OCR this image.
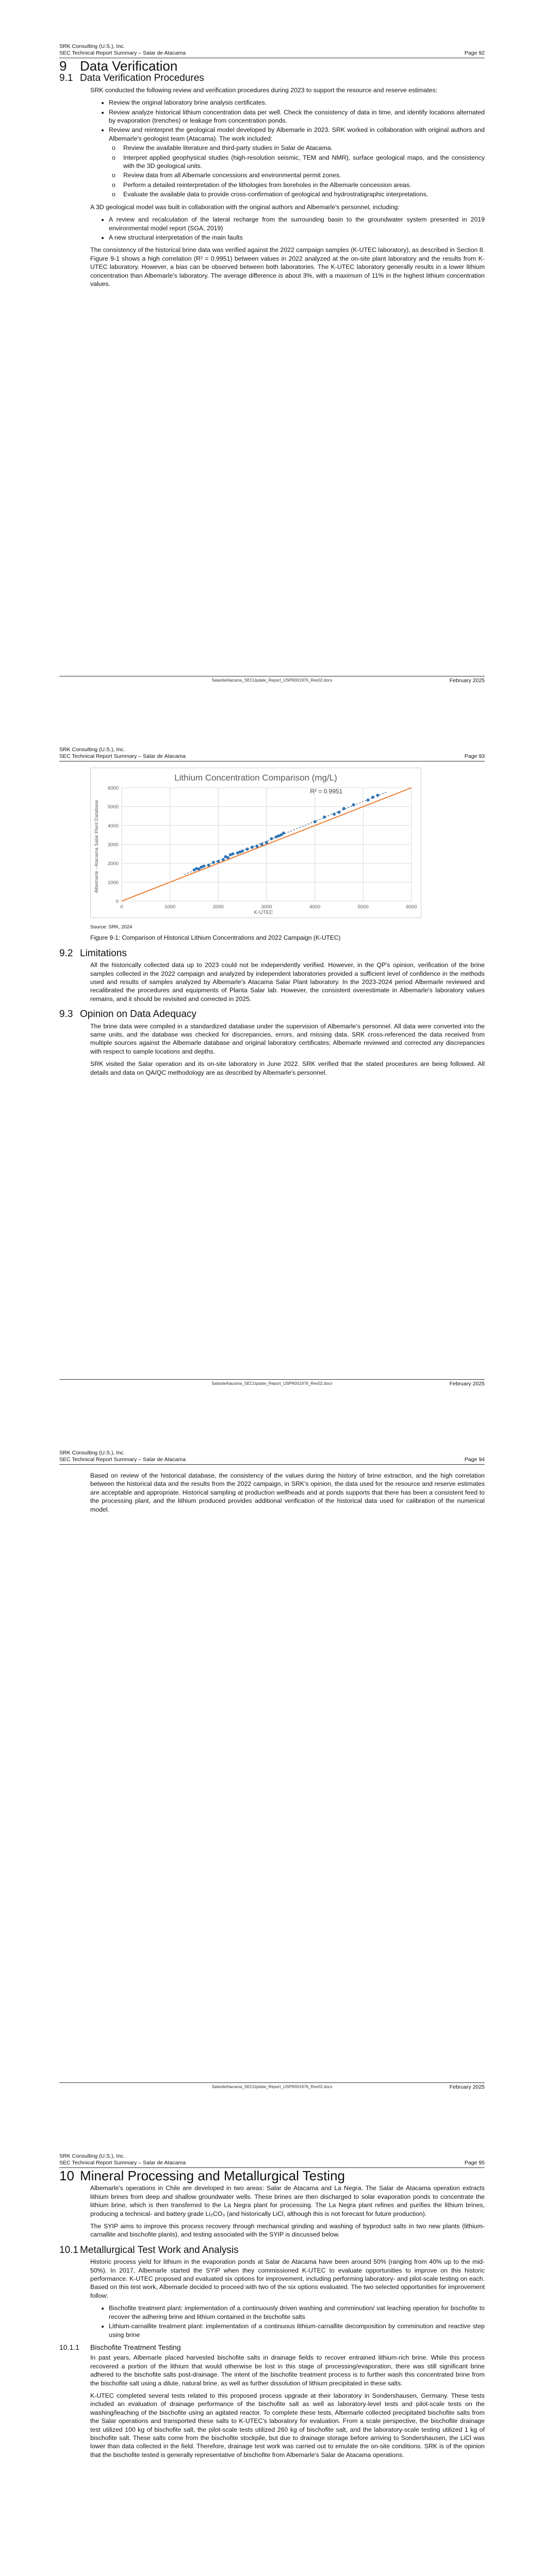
SRK Consulting (U.S.), Inc.
SEC Technical Report Summary – Salar de Atacama	Page 92
9 Data Verification
9.1 Data Verification Procedures

SRK conducted the following review and verification procedures during 2023 to support the resource and reserve estimates:

• Review the original laboratory brine analysis certificates.
• Review analyze historical lithium concentration data per well. Check the consistency of data in time, and identify locations alternated by evaporation (trenches) or leakage from concentration ponds.
• Review and reinterpret the geological model developed by Albemarle in 2023. SRK worked in collaboration with original authors and Albemarle's geologist team (Atacama). The work included:
o Review the available literature and third-party studies in Salar de Atacama.
o Interpret applied geophysical studies (high-resolution seismic, TEM and NMR), surface geological maps, and the consistency with the 3D geological units.
o Review data from all Albemarle concessions and environmental permit zones.
o Perform a detailed reinterpretation of the lithologies from boreholes in the Albemarle concession areas.
o Evaluate the available data to provide cross-confirmation of geological and hydrostratigraphic interpretations.

A 3D geological model was built in collaboration with the original authors and Albemarle's personnel, including:

• A review and recalculation of the lateral recharge from the surrounding basin to the groundwater system presented in 2019 environmental model report (SGA, 2019)
• A new structural interpretation of the main faults

The consistency of the historical brine data was verified against the 2022 campaign samples (K-UTEC laboratory), as described in Section 8. Figure 9-1 shows a high correlation (R² = 0.9951) between values in 2022 analyzed at the on-site plant laboratory and the results from K-UTEC laboratory. However, a bias can be observed between both laboratories. The K-UTEC laboratory generally results in a lower lithium concentration than Albemarle's laboratory. The average difference is about 3%, with a maximum of 11% in the highest lithium concentration values.

SalardeAtacama_SECUpdate_Report_USPR001976_Rev02.docx	February 2025
SRK Consulting (U.S.), Inc.
SEC Technical Report Summary – Salar de Atacama	Page 93
Lithium Concentration Comparison (mg/L)
K-UTEC
Albemarle - Atacama Salar Plant Database
0
1000
2000
3000
4000
5000
6000
0	1000	2000	3000	4000	5000	6000
R² = 0.9951
Source: SRK, 2024
Figure 9-1: Comparison of Historical Lithium Concentrations and 2022 Campaign (K-UTEC)
9.2 Limitations

All the historically collected data up to 2023 could not be independently verified. However, in the QP's opinion, verification of the brine samples collected in the 2022 campaign and analyzed by independent laboratories provided a sufficient level of confidence in the methods used and results of samples analyzed by Albemarle's Atacama Salar Plant laboratory. In the 2023-2024 period Albemarle reviewed and recalibrated the procedures and equipments of Planta Salar lab. However, the consistent overestimate in Albemarle's laboratory values remains, and it should be revisited and corrected in 2025.

9.3 Opinion on Data Adequacy

The brine data were compiled in a standardized database under the supervision of Albemarle's personnel. All data were converted into the same units, and the database was checked for discrepancies, errors, and missing data. SRK cross-referenced the data received from multiple sources against the Albemarle database and original laboratory certificates; Albemarle reviewed and corrected any discrepancies with respect to sample locations and depths.

SRK visited the Salar operation and its on-site laboratory in June 2022. SRK verified that the stated procedures are being followed. All details and data on QA/QC methodology are as described by Albemarle's personnel.

SalardeAtacama_SECUpdate_Report_USPR001976_Rev02.docx	February 2025
SRK Consulting (U.S.), Inc.
SEC Technical Report Summary – Salar de Atacama	Page 94

Based on review of the historical database, the consistency of the values during the history of brine extraction, and the high correlation between the historical data and the results from the 2022 campaign, in SRK's opinion, the data used for the resource and reserve estimates are acceptable and appropriate. Historical sampling at production wellheads and at ponds supports that there has been a consistent feed to the processing plant, and the lithium produced provides additional verification of the historical data used for calibration of the numerical model.

SalardeAtacama_SECUpdate_Report_USPR001976_Rev02.docx	February 2025
SRK Consulting (U.S.), Inc.
SEC Technical Report Summary – Salar de Atacama	Page 95
10 Mineral Processing and Metallurgical Testing

Albemarle's operations in Chile are developed in two areas: Salar de Atacama and La Negra. The Salar de Atacama operation extracts lithium brines from deep and shallow groundwater wells. These brines are then discharged to solar evaporation ponds to concentrate the lithium brine, which is then transferred to the La Negra plant for processing. The La Negra plant refines and purifies the lithium brines, producing a technical- and battery grade Li₂CO₃ (and historically LiCl, although this is not forecast for future production).

The SYIP aims to improve this process recovery through mechanical grinding and washing of byproduct salts in two new plants (lithium-carnallite and bischofite plants), and testing associated with the SYIP is discussed below.

10.1 Metallurgical Test Work and Analysis

Historic process yield for lithium in the evaporation ponds at Salar de Atacama have been around 50% (ranging from 40% up to the mid-50%). In 2017, Albemarle started the SYIP when they commissioned K-UTEC to evaluate opportunities to improve on this historic performance. K-UTEC proposed and evaluated six options for improvement, including performing laboratory- and pilot-scale testing on each. Based on this test work, Albemarle decided to proceed with two of the six options evaluated. The two selected opportunities for improvement follow:

• Bischofite treatment plant: implementation of a continuously driven washing and comminution/ vat leaching operation for bischofite to recover the adhering brine and lithium contained in the bischofite salts
• Lithium-carnallite treatment plant: implementation of a continuous lithium-carnallite decomposition by comminution and reactive step using brine
10.1.1 Bischofite Treatment Testing

In past years, Albemarle placed harvested bischofite salts in drainage fields to recover entrained lithium-rich brine. While this process recovered a portion of the lithium that would otherwise be lost in this stage of processing/evaporation, there was still significant brine adhered to the bischofite salts post-drainage. The intent of the bischofite treatment process is to further wash this concentrated brine from the bischofite salt using a dilute, natural brine, as well as further dissolution of lithium precipitated in these salts.

K-UTEC completed several tests related to this proposed process upgrade at their laboratory in Sondershausen, Germany. These tests included an evaluation of drainage performance of the bischofite salt as well as laboratory-level tests and pilot-scale tests on the washing/leaching of the bischofite using an agitated reactor. To complete these tests, Albemarle collected precipitated bischofite salts from the Salar operations and transported these salts to K-UTEC's laboratory for evaluation. From a scale perspective, the bischofite drainage test utilized 100 kg of bischofite salt, the pilot-scale tests utilized 260 kg of bischofite salt, and the laboratory-scale testing utilized 1 kg of bischofite salt. These salts come from the bischofite stockpile, but due to drainage storage before arriving to Sondershausen, the LiCl was lower than data collected in the field. Therefore, drainage test work was carried out to emulate the on-site conditions. SRK is of the opinion that the bischofite tested is generally representative of bischofite from Albemarle's Salar de Atacama operations.
